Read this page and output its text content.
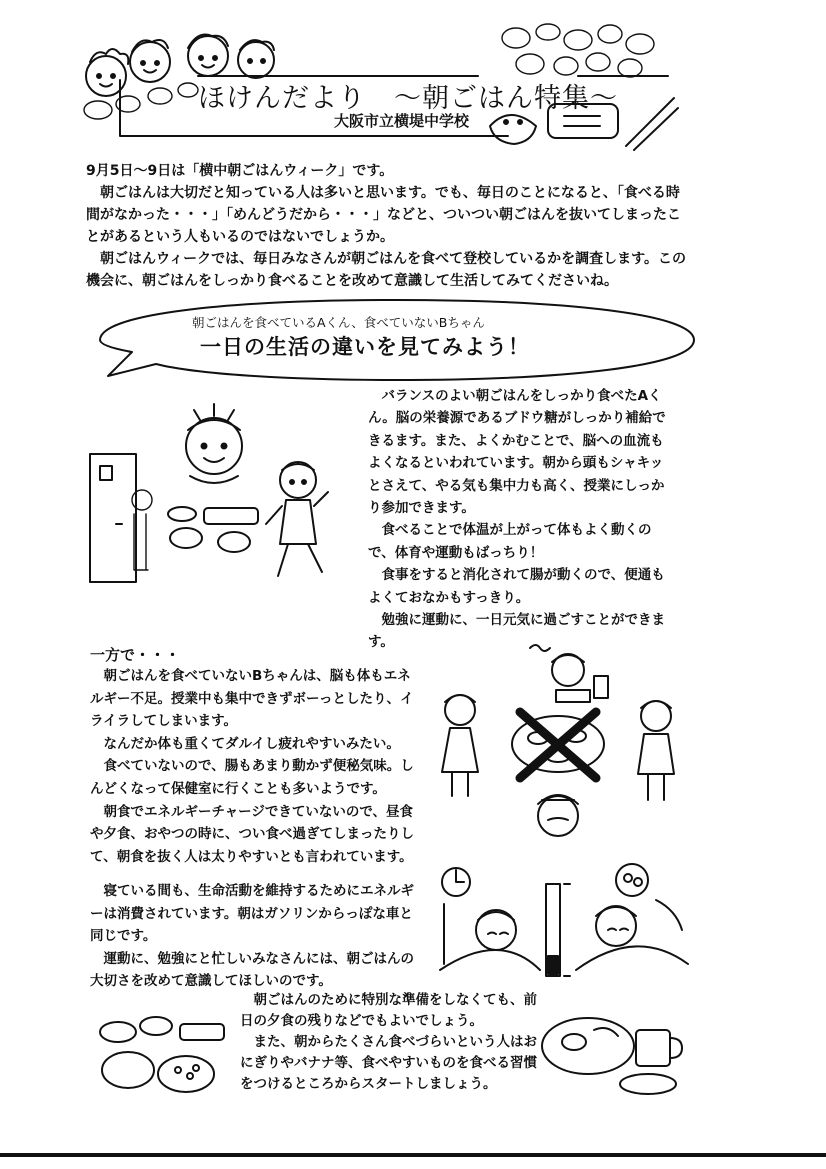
ほけんだより　～朝ごはん特集～
大阪市立横堤中学校

9月5日～9日は「横中朝ごはんウィーク」です。

　朝ごはんは大切だと知っている人は多いと思います。でも、毎日のことになると、「食べる時間がなかった・・・」「めんどうだから・・・」などと、ついつい朝ごはんを抜いてしまったことがあるという人もいるのではないでしょうか。

　朝ごはんウィークでは、毎日みなさんが朝ごはんを食べて登校しているかを調査します。この機会に、朝ごはんをしっかり食べることを改めて意識して生活してみてくださいね。

朝ごはんを食べているAくん、食べていないBちゃん
一日の生活の違いを見てみよう！

　バランスのよい朝ごはんをしっかり食べたAくん。脳の栄養源であるブドウ糖がしっかり補給できるます。また、よくかむことで、脳への血流もよくなるといわれています。朝から頭もシャキッとさえて、やる気も集中力も高く、授業にしっかり参加できます。

　食べることで体温が上がって体もよく動くので、体育や運動もばっちり！

　食事をすると消化されて腸が動くので、便通もよくておなかもすっきり。

　勉強に運動に、一日元気に過ごすことができます。

一方で・・・

　朝ごはんを食べていないBちゃんは、脳も体もエネルギー不足。授業中も集中できずボーっとしたり、イライラしてしまいます。

　なんだか体も重くてダルイし疲れやすいみたい。

　食べていないので、腸もあまり動かず便秘気味。しんどくなって保健室に行くことも多いようです。

　朝食でエネルギーチャージできていないので、昼食や夕食、おやつの時に、つい食べ過ぎてしまったりして、朝食を抜く人は太りやすいとも言われています。

　寝ている間も、生命活動を維持するためにエネルギーは消費されています。朝はガソリンからっぽな車と同じです。

　運動に、勉強にと忙しいみなさんには、朝ごはんの大切さを改めて意識してほしいのです。

　朝ごはんのために特別な準備をしなくても、前日の夕食の残りなどでもよいでしょう。

　また、朝からたくさん食べづらいという人はおにぎりやバナナ等、食べやすいものを食べる習慣をつけるところからスタートしましょう。
